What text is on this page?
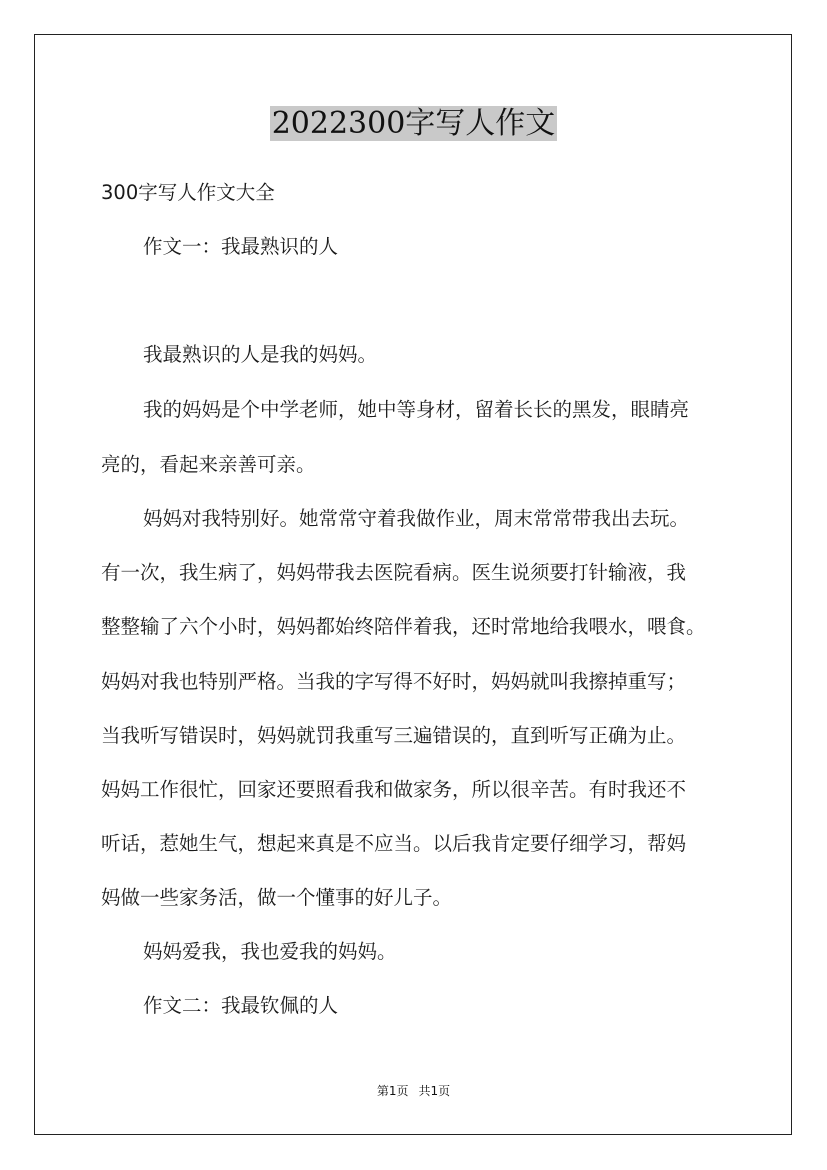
2022300字写人作文

300字写人作文大全

作文一：我最熟识的人

我最熟识的人是我的妈妈。

我的妈妈是个中学老师，她中等身材，留着长长的黑发，眼睛亮

亮的，看起来亲善可亲。

妈妈对我特别好。她常常守着我做作业，周末常常带我出去玩。

有一次，我生病了，妈妈带我去医院看病。医生说须要打针输液，我

整整输了六个小时，妈妈都始终陪伴着我，还时常地给我喂水，喂食。

妈妈对我也特别严格。当我的字写得不好时，妈妈就叫我擦掉重写；

当我听写错误时，妈妈就罚我重写三遍错误的，直到听写正确为止。

妈妈工作很忙，回家还要照看我和做家务，所以很辛苦。有时我还不

听话，惹她生气，想起来真是不应当。以后我肯定要仔细学习，帮妈

妈做一些家务活，做一个懂事的好儿子。

妈妈爱我，我也爱我的妈妈。

作文二：我最钦佩的人

第1页 共1页
